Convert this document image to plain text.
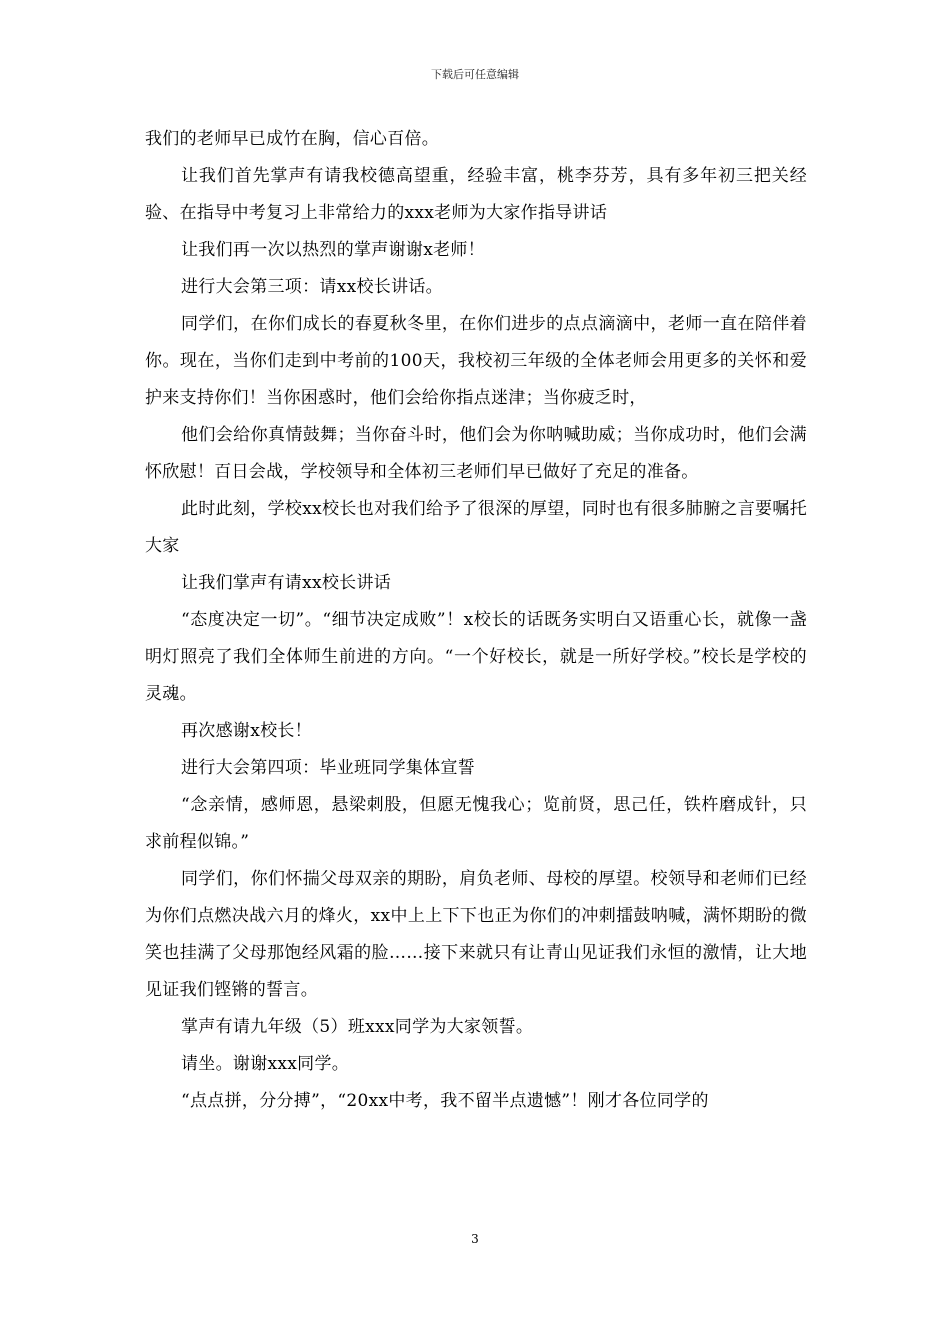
下载后可任意编辑

我们的老师早已成竹在胸，信心百倍。

让我们首先掌声有请我校德高望重，经验丰富，桃李芬芳，具有多年初三把关经验、在指导中考复习上非常给力的xxx老师为大家作指导讲话

让我们再一次以热烈的掌声谢谢x老师！

进行大会第三项：请xx校长讲话。

同学们，在你们成长的春夏秋冬里，在你们进步的点点滴滴中，老师一直在陪伴着你。现在，当你们走到中考前的100天，我校初三年级的全体老师会用更多的关怀和爱护来支持你们！当你困惑时，他们会给你指点迷津；当你疲乏时，

他们会给你真情鼓舞；当你奋斗时，他们会为你呐喊助威；当你成功时，他们会满怀欣慰！百日会战，学校领导和全体初三老师们早已做好了充足的准备。

此时此刻，学校xx校长也对我们给予了很深的厚望，同时也有很多肺腑之言要嘱托大家

让我们掌声有请xx校长讲话

“态度决定一切”。“细节决定成败”！x校长的话既务实明白又语重心长，就像一盏明灯照亮了我们全体师生前进的方向。“一个好校长，就是一所好学校。”校长是学校的灵魂。

再次感谢x校长！

进行大会第四项：毕业班同学集体宣誓

“念亲情，感师恩，悬梁刺股，但愿无愧我心；览前贤，思己任，铁杵磨成针，只求前程似锦。”

同学们，你们怀揣父母双亲的期盼，肩负老师、母校的厚望。校领导和老师们已经为你们点燃决战六月的烽火，xx中上上下下也正为你们的冲刺擂鼓呐喊，满怀期盼的微笑也挂满了父母那饱经风霜的脸……接下来就只有让青山见证我们永恒的激情，让大地见证我们铿锵的誓言。

掌声有请九年级（5）班xxx同学为大家领誓。

请坐。谢谢xxx同学。

“点点拼，分分搏”，“20xx中考，我不留半点遗憾”！刚才各位同学的

3
